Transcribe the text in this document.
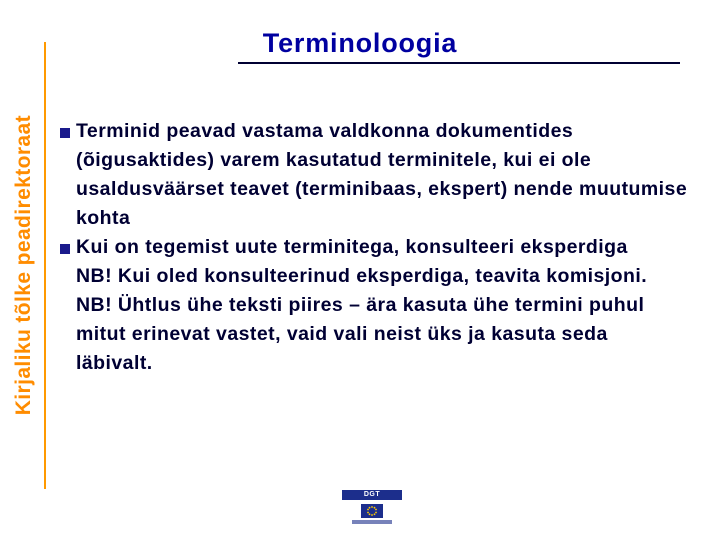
Kirjaliku tõlke peadirektoraat
Terminoloogia
Terminid peavad vastama valdkonna dokumentides (õigusaktides) varem kasutatud terminitele, kui ei ole usaldusväärset teavet (terminibaas, ekspert) nende muutumise kohta
Kui on tegemist uute terminitega, konsulteeri eksperdiga
NB! Kui oled konsulteerinud eksperdiga, teavita komisjoni.
NB! Ühtlus ühe teksti piires – ära kasuta ühe termini puhul mitut erinevat vastet, vaid vali neist üks ja kasuta seda läbivalt.
DGT
